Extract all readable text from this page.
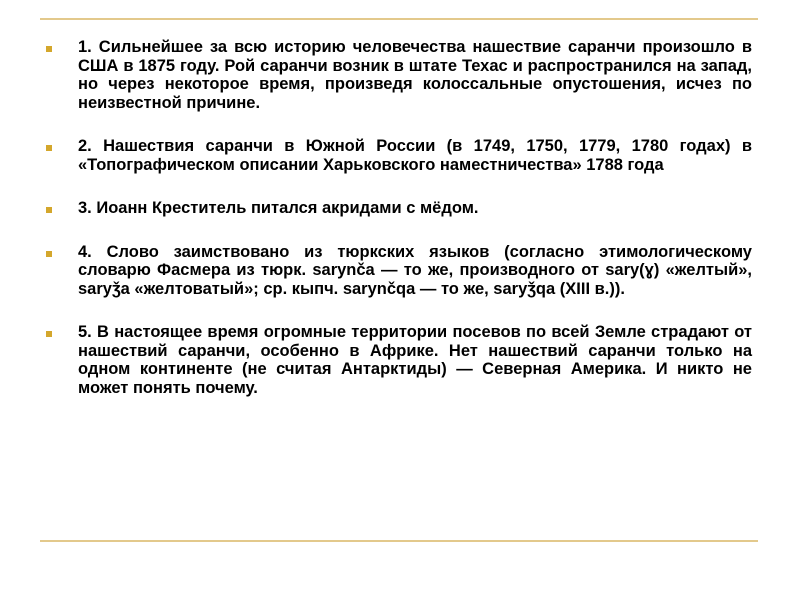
1. Сильнейшее за всю историю человечества нашествие саранчи произошло в США в 1875 году. Рой саранчи возник в штате Техас и распространился на запад, но через некоторое время, произведя колоссальные опустошения, исчез по неизвестной причине.
2. Нашествия саранчи в Южной России (в 1749, 1750, 1779, 1780 годах) в «Топографическом описании Харьковского наместничества» 1788 года
3. Иоанн Креститель питался акридами с мёдом.
4. Слово заимствовано из тюркских языков (согласно этимологическому словарю Фасмера из тюрк. sarynča — то же, производного от sary(ɣ) «желтый», saryǯa «желтоватый»; ср. кыпч. sarynčqa — то же, saryǯqa (XIII в.)).
5. В настоящее время огромные территории посевов по всей Земле страдают от нашествий саранчи, особенно в Африке. Нет нашествий саранчи только на одном континенте (не считая Антарктиды) — Северная Америка. И никто не может понять почему.
